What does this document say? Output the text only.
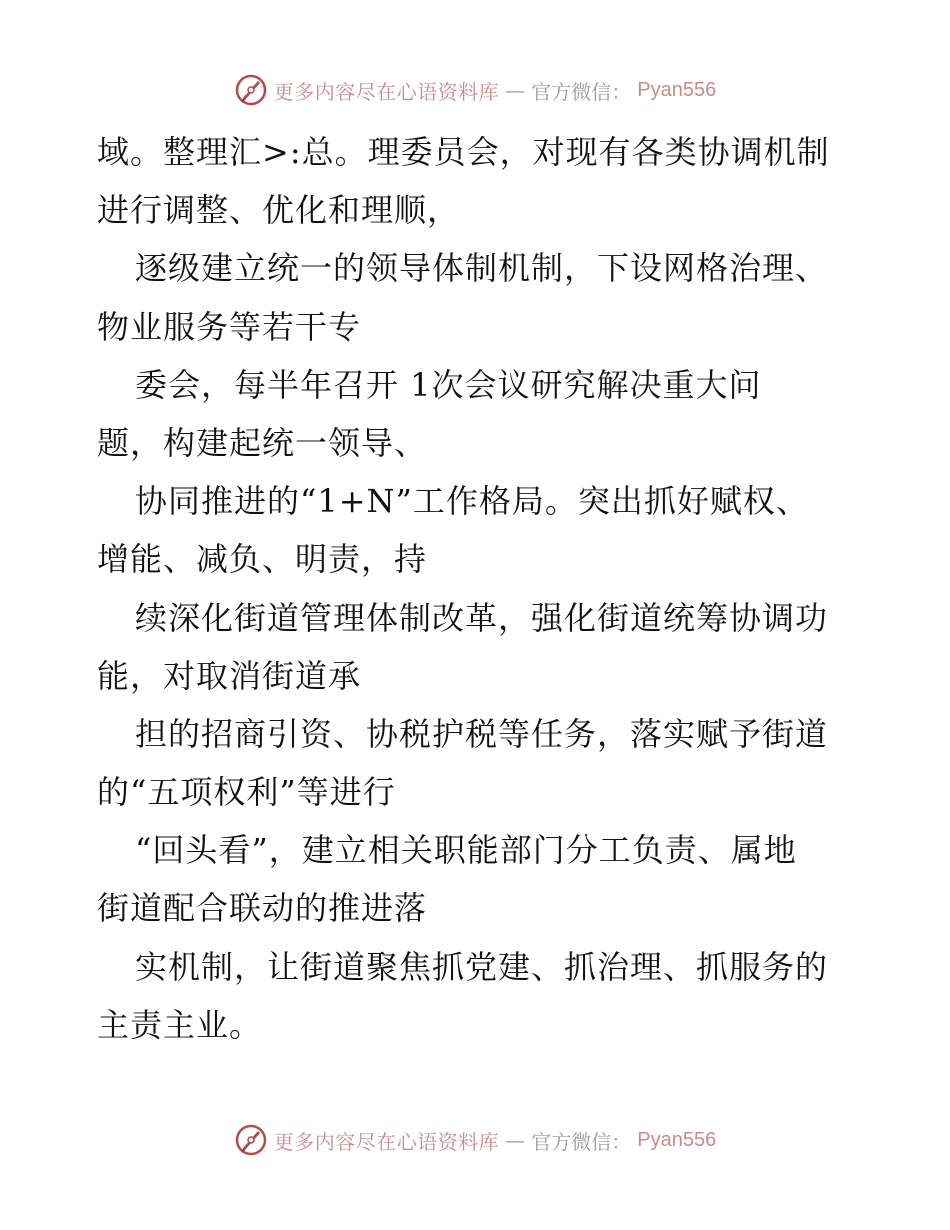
更多内容尽在心语资料库 — 官方微信： Pyan556
域。整理汇>:总。理委员会，对现有各类协调机制
进行调整、优化和理顺，
逐级建立统一的领导体制机制，下设网格治理、
物业服务等若干专
委会，每半年召开 1次会议研究解决重大问
题，构建起统一领导、
协同推进的“1+N”工作格局。突出抓好赋权、
增能、减负、明责，持
续深化街道管理体制改革，强化街道统筹协调功
能，对取消街道承
担的招商引资、协税护税等任务，落实赋予街道
的“五项权利”等进行
“回头看”，建立相关职能部门分工负责、属地
街道配合联动的推进落
实机制，让街道聚焦抓党建、抓治理、抓服务的
主责主业。
更多内容尽在心语资料库 — 官方微信： Pyan556
